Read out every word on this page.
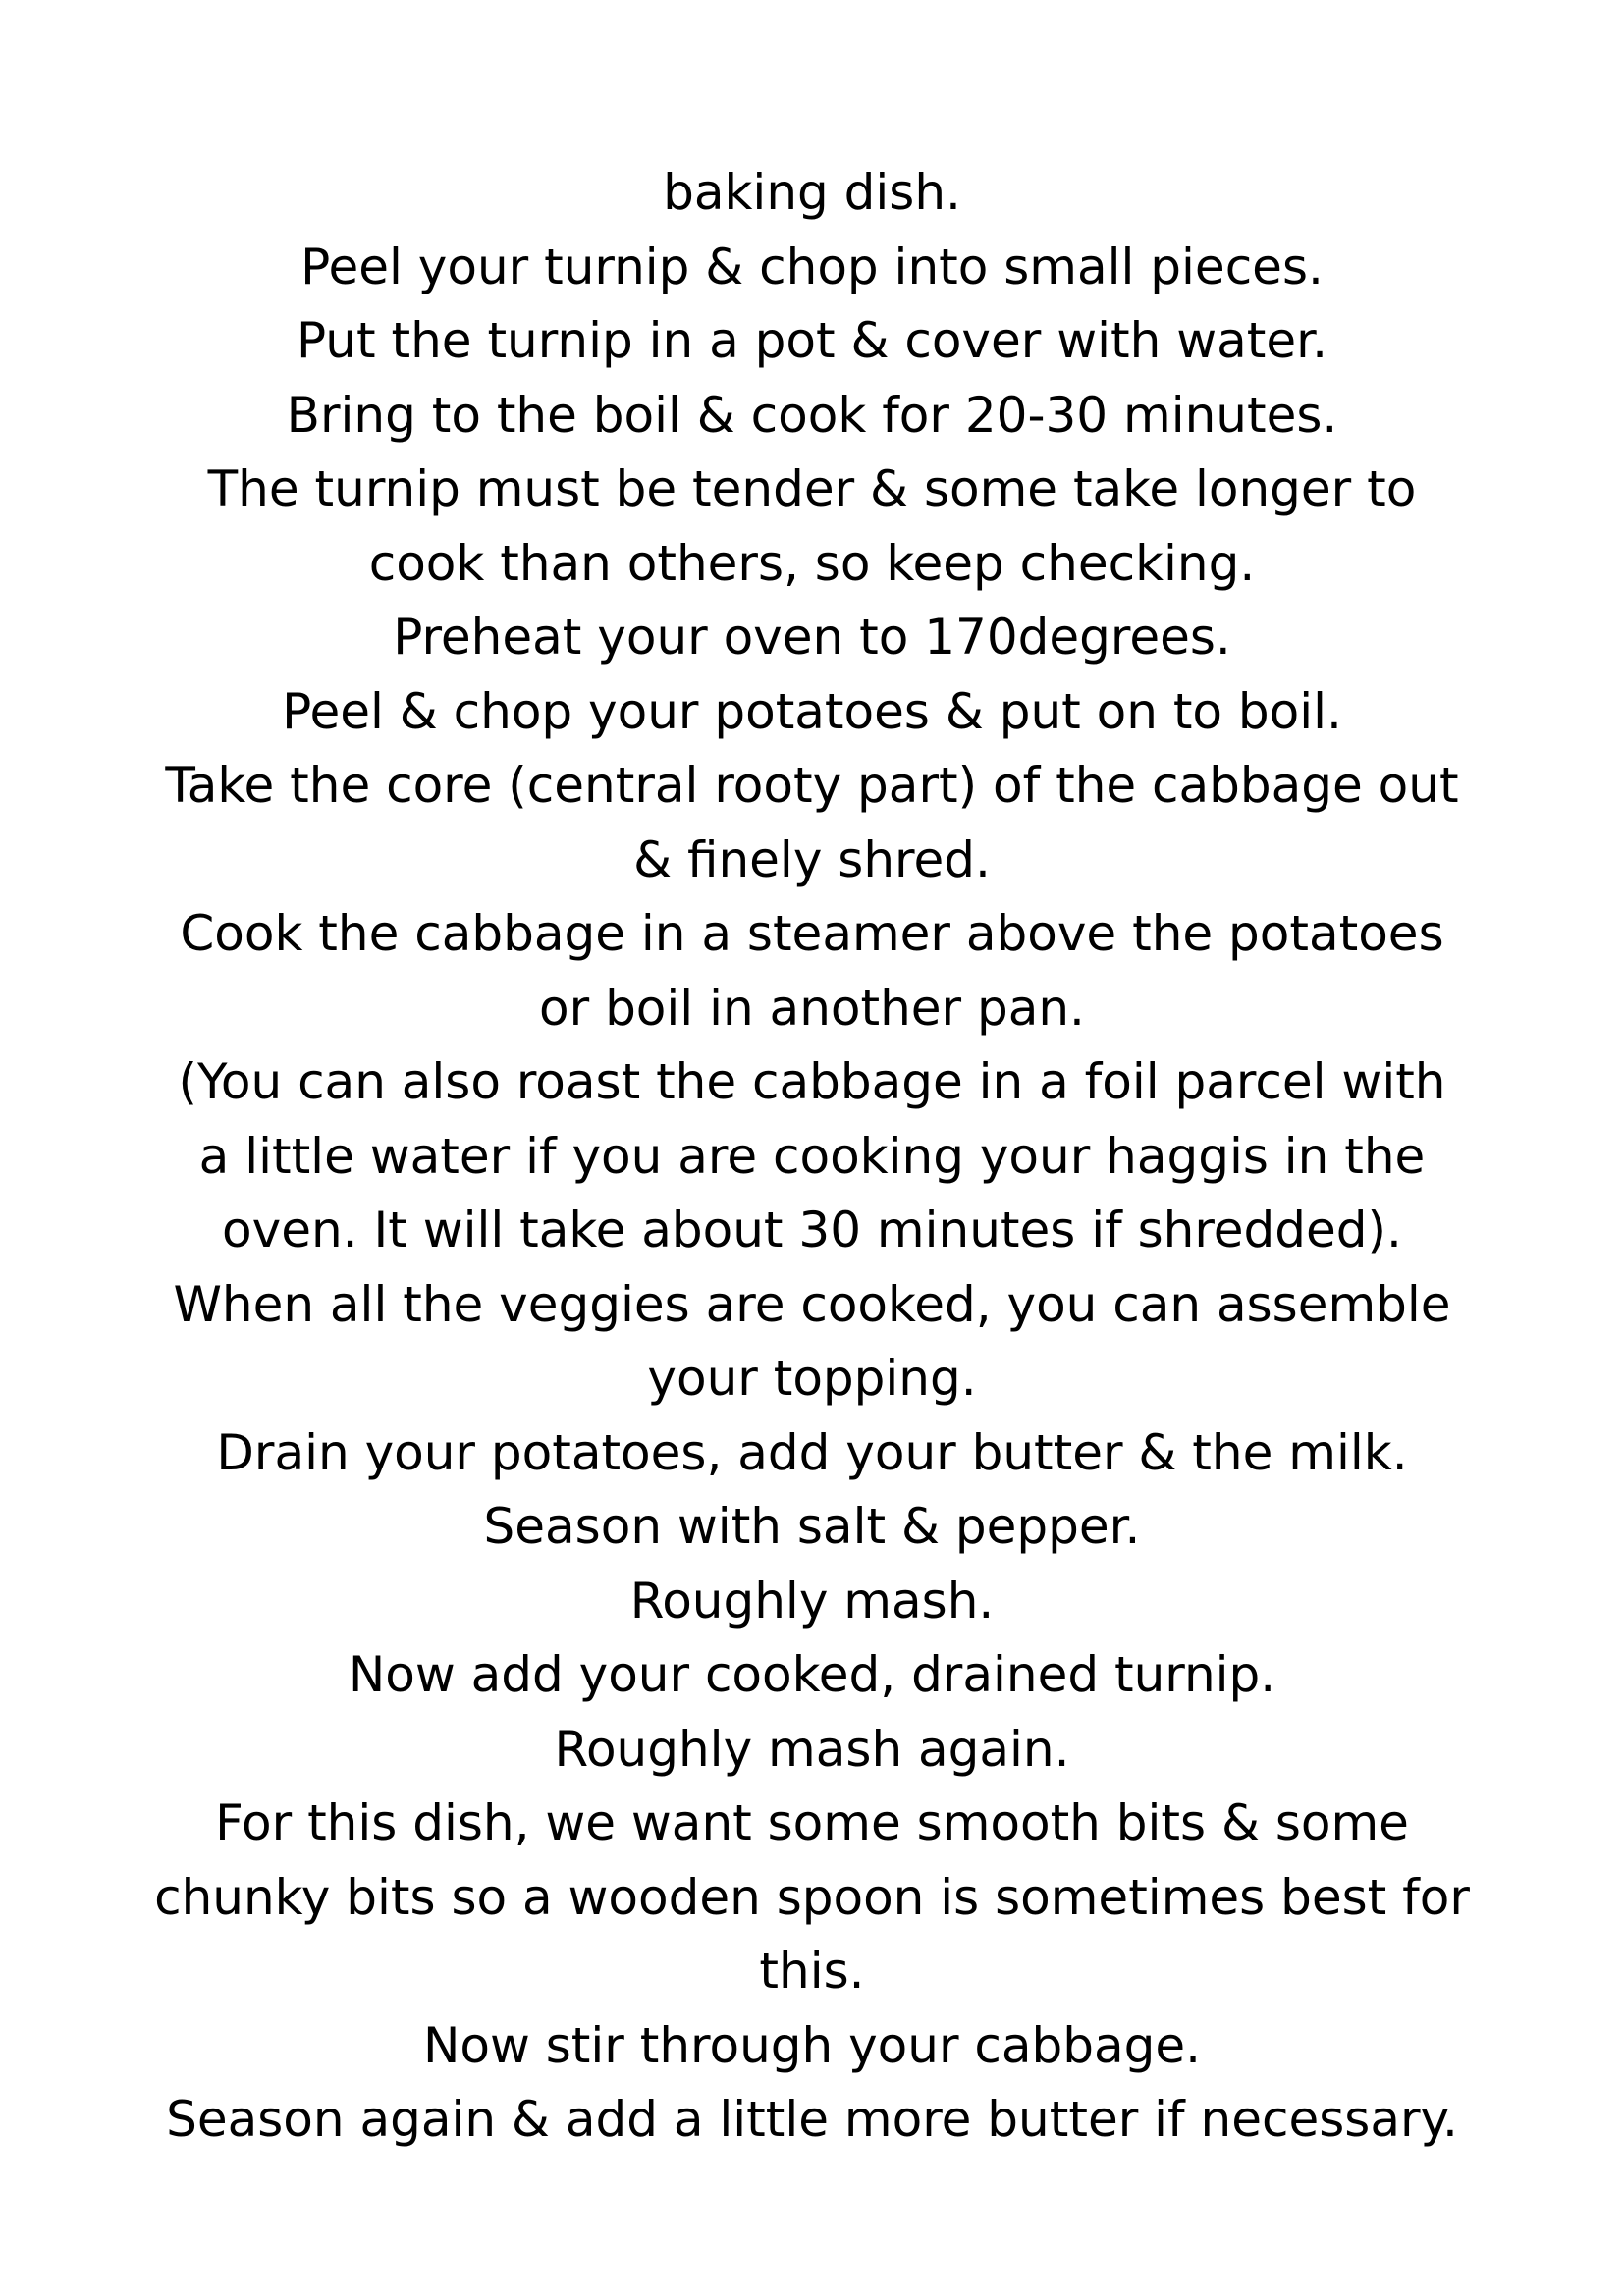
baking dish.
Peel your turnip & chop into small pieces.
Put the turnip in a pot & cover with water.
Bring to the boil & cook for 20-30 minutes.
The turnip must be tender & some take longer to
cook than others, so keep checking.
Preheat your oven to 170degrees.
Peel & chop your potatoes & put on to boil.
Take the core (central rooty part) of the cabbage out
& finely shred.
Cook the cabbage in a steamer above the potatoes
or boil in another pan.
(You can also roast the cabbage in a foil parcel with
a little water if you are cooking your haggis in the
oven. It will take about 30 minutes if shredded).
When all the veggies are cooked, you can assemble
your topping.
Drain your potatoes, add your butter & the milk.
Season with salt & pepper.
Roughly mash.
Now add your cooked, drained turnip.
Roughly mash again.
For this dish, we want some smooth bits & some
chunky bits so a wooden spoon is sometimes best for
this.
Now stir through your cabbage.
Season again & add a little more butter if necessary.
